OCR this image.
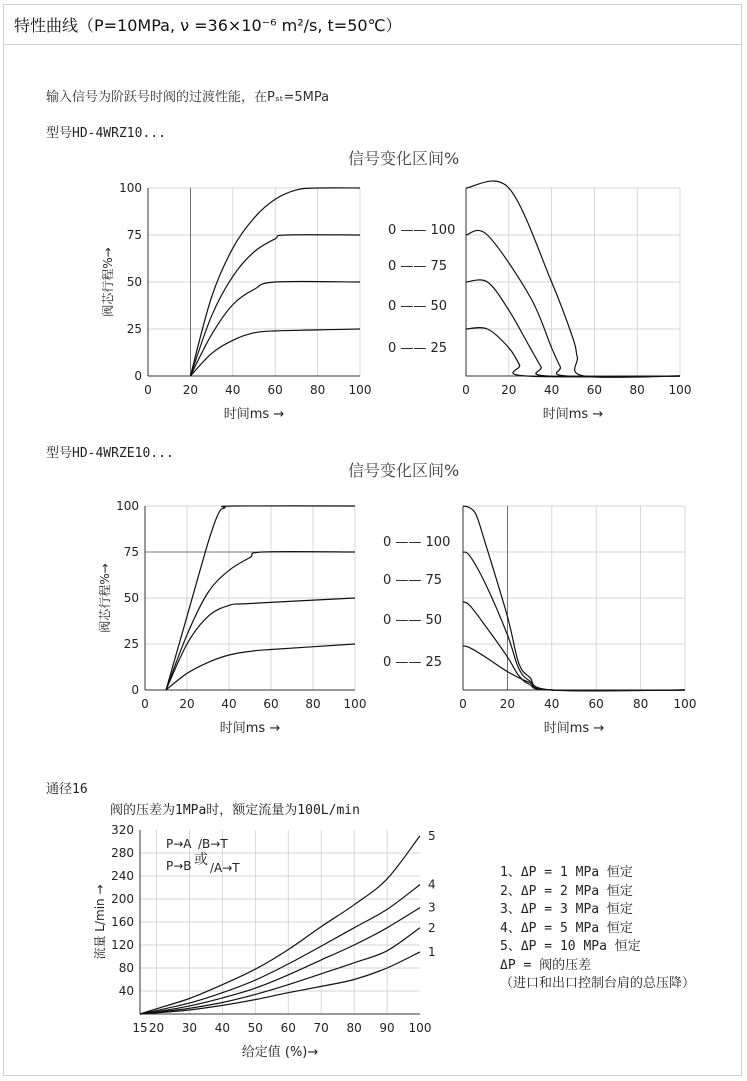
特性曲线（P=10MPa, ν =36×10⁻⁶ m²/s, t=50℃）
输入信号为阶跃号时阀的过渡性能，在Pₛₜ=5MPa
型号HD-4WRZ10...
信号变化区间%
0	20 40 60 80 100
0
25
50
75
100
时间ms →
阀芯行程%→
0	20 40 60 80 100
时间ms →
0 —— 100
0 —— 75
0 —— 50
0 —— 25
型号HD-4WRZE10...
信号变化区间%
0	20 40 60 80 100
0
25
50
75
100
时间ms →
阀芯行程%→
0	20 40 60 80 100
时间ms →
0 —— 100
0 —— 75
0 —— 50
0 —— 25
通径16
阀的压差为1MPa时，额定流量为100L/min
15 20 30 40 50 60 70 80 90 100
40
80
120
160
200
240
280
320
给定值 (%)→
流量 L/min →	1
2
3
4
5
P→A /B→T
或
P→B /A→T	1、ΔP = 1 MPa 恒定
2、ΔP = 2 MPa 恒定
3、ΔP = 3 MPa 恒定
4、ΔP = 5 MPa 恒定
5、ΔP = 10 MPa 恒定
ΔP = 阀的压差
（进口和出口控制台肩的总压降）
